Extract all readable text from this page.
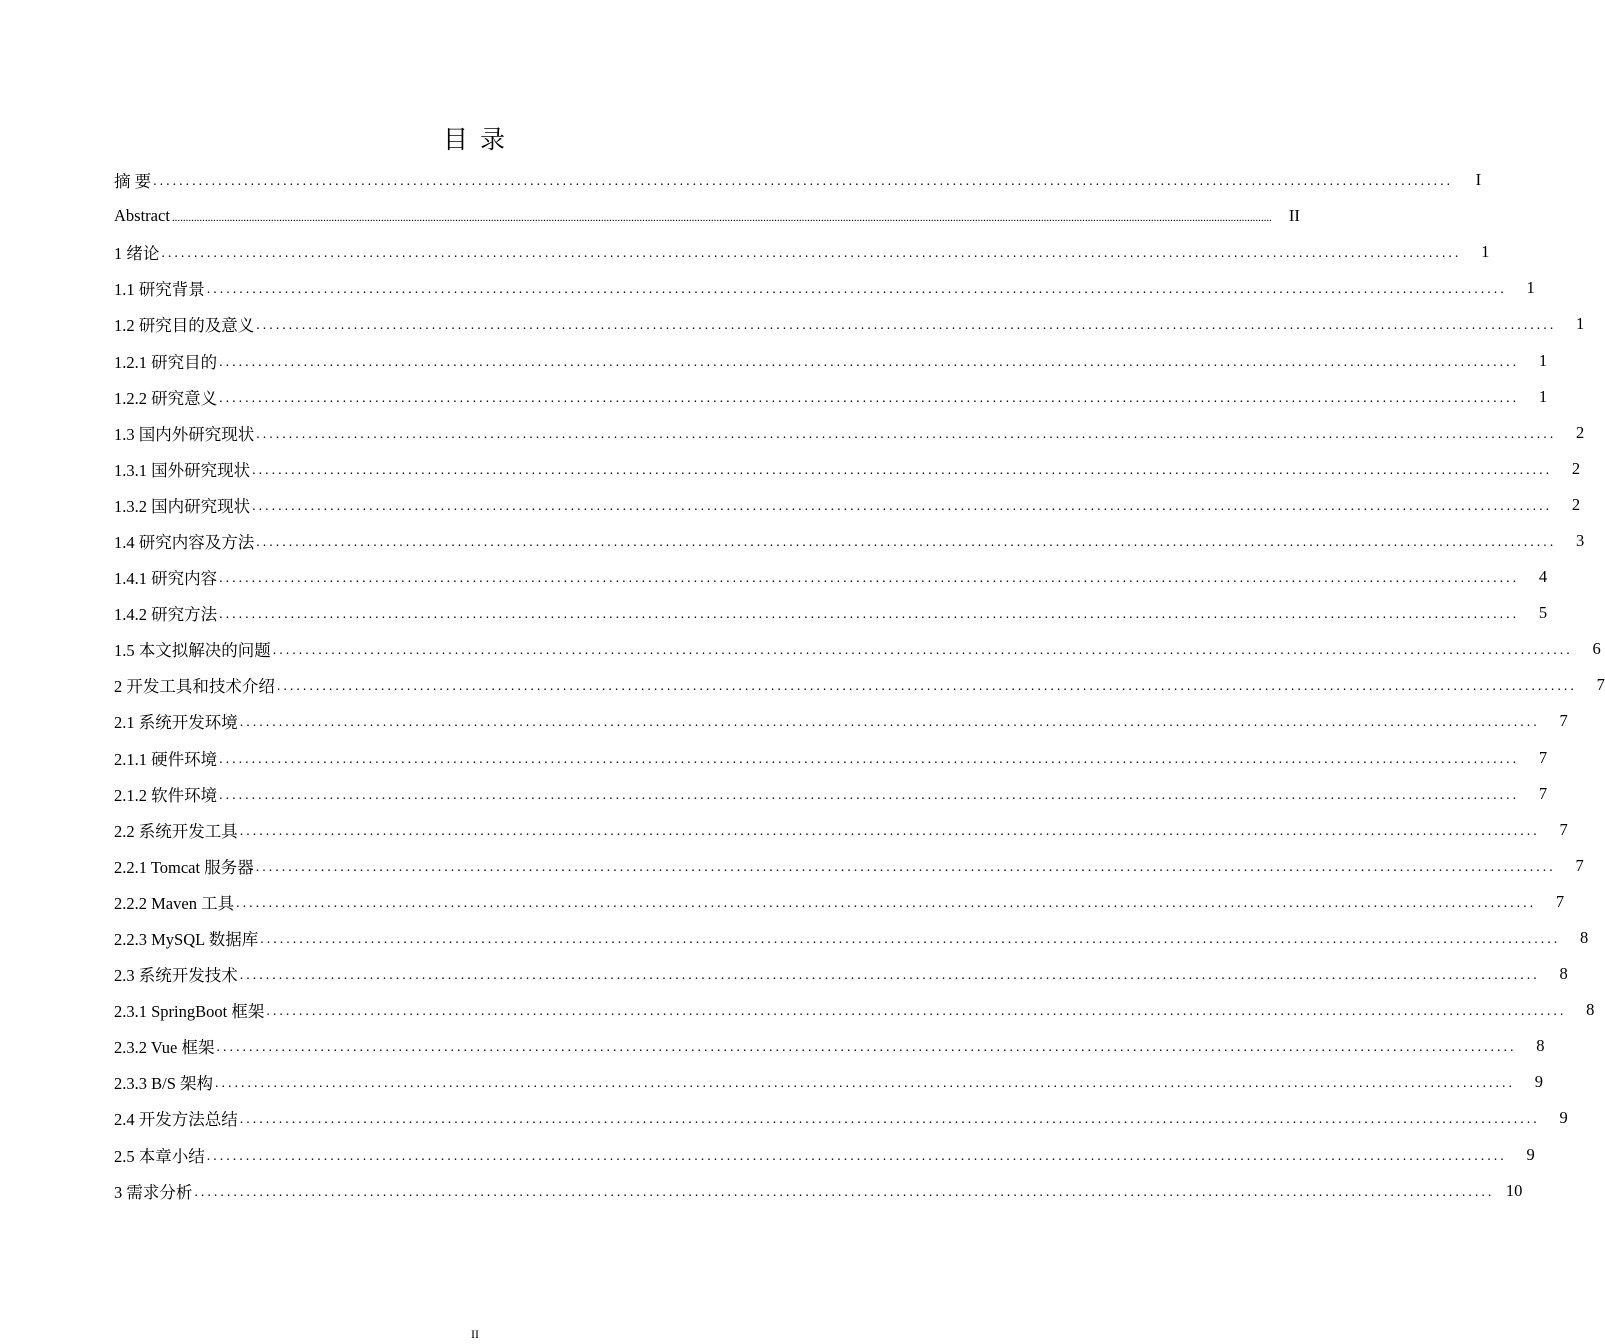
目 录
摘 要 ........................................................................................................................................................................................................	I
Abstract ................................................................................................................................................................................................................................................................................................................................................................................................................	II
1 绪论 ........................................................................................................................................................................................................	1
1.1 研究背景 ........................................................................................................................................................................................................	1
1.2 研究目的及意义 ........................................................................................................................................................................................................	1
1.2.1 研究目的 ........................................................................................................................................................................................................	1
1.2.2 研究意义 ........................................................................................................................................................................................................	1
1.3 国内外研究现状 ........................................................................................................................................................................................................	2
1.3.1 国外研究现状 ........................................................................................................................................................................................................	2
1.3.2 国内研究现状 ........................................................................................................................................................................................................	2
1.4 研究内容及方法 ........................................................................................................................................................................................................	3
1.4.1 研究内容 ........................................................................................................................................................................................................	4
1.4.2 研究方法 ........................................................................................................................................................................................................	5
1.5 本文拟解决的问题 ........................................................................................................................................................................................................	6
2 开发工具和技术介绍 ........................................................................................................................................................................................................	7
2.1 系统开发环境 ........................................................................................................................................................................................................	7
2.1.1 硬件环境 ........................................................................................................................................................................................................	7
2.1.2 软件环境 ........................................................................................................................................................................................................	7
2.2 系统开发工具 ........................................................................................................................................................................................................	7
2.2.1 Tomcat 服务器 ........................................................................................................................................................................................................	7
2.2.2 Maven 工具 ........................................................................................................................................................................................................	7
2.2.3 MySQL 数据库 ........................................................................................................................................................................................................	8
2.3 系统开发技术 ........................................................................................................................................................................................................	8
2.3.1 SpringBoot 框架 ........................................................................................................................................................................................................	8
2.3.2 Vue 框架 ........................................................................................................................................................................................................	8
2.3.3 B/S 架构 ........................................................................................................................................................................................................	9
2.4 开发方法总结 ........................................................................................................................................................................................................	9
2.5 本章小结 ........................................................................................................................................................................................................	9
3 需求分析 ........................................................................................................................................................................................................ 10
II
